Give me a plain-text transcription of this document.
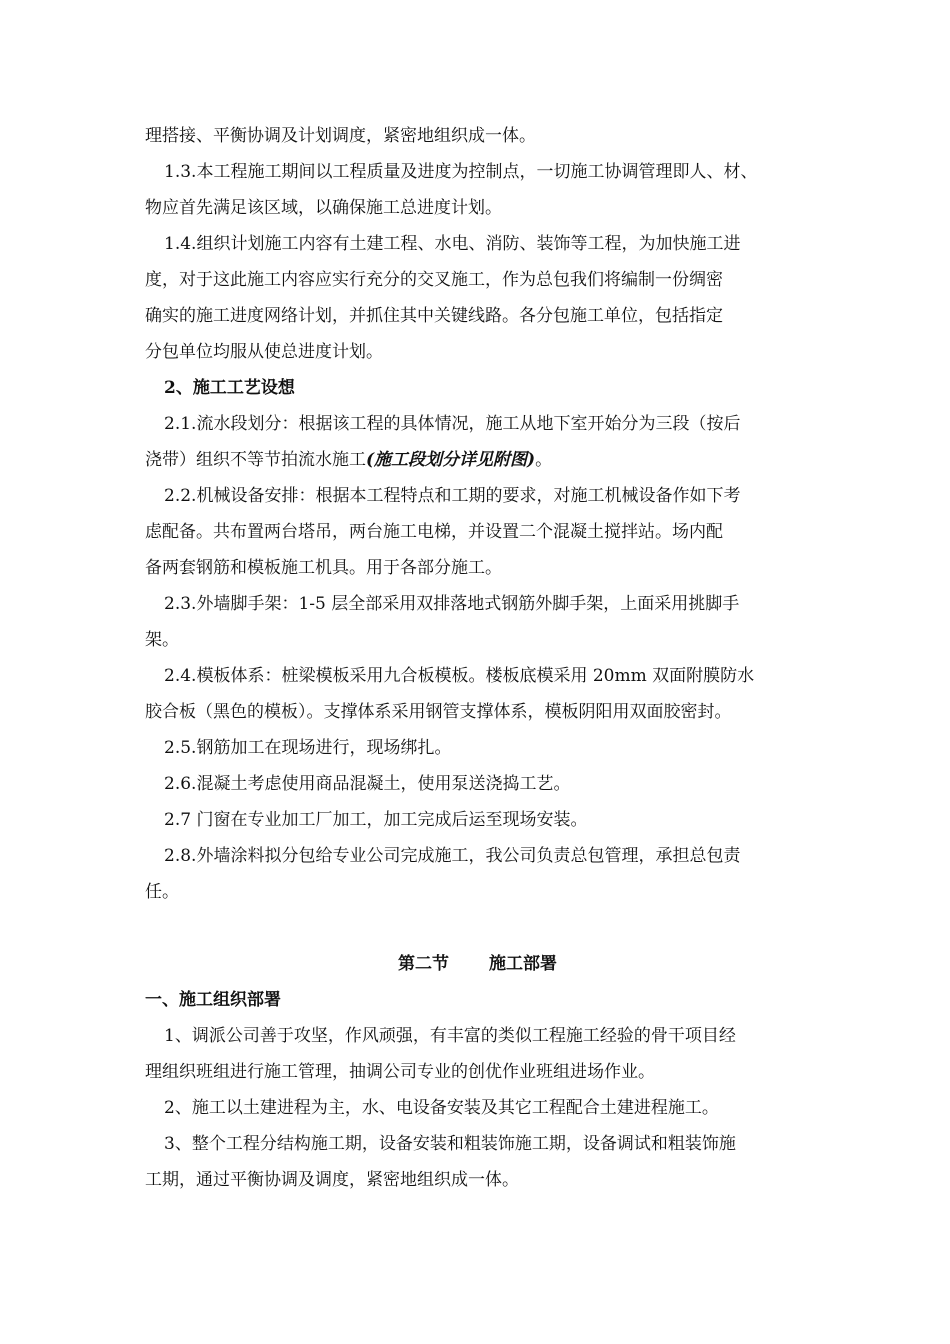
理搭接、平衡协调及计划调度，紧密地组织成一体。

1.3.本工程施工期间以工程质量及进度为控制点，一切施工协调管理即人、材、

物应首先满足该区域，以确保施工总进度计划。

1.4.组织计划施工内容有土建工程、水电、消防、装饰等工程，为加快施工进

度，对于这此施工内容应实行充分的交叉施工，作为总包我们将编制一份绸密

确实的施工进度网络计划，并抓住其中关键线路。各分包施工单位，包括指定

分包单位均服从使总进度计划。

2、施工工艺设想

2.1.流水段划分：根据该工程的具体情况，施工从地下室开始分为三段（按后

浇带）组织不等节拍流水施工(施工段划分详见附图)。

2.2.机械设备安排：根据本工程特点和工期的要求，对施工机械设备作如下考

虑配备。共布置两台塔吊，两台施工电梯，并设置二个混凝土搅拌站。场内配

备两套钢筋和模板施工机具。用于各部分施工。

2.3.外墙脚手架：1-5 层全部采用双排落地式钢筋外脚手架，上面采用挑脚手

架。

2.4.模板体系：桩梁模板采用九合板模板。楼板底模采用 20mm 双面附膜防水

胶合板（黑色的模板）。支撑体系采用钢管支撑体系，模板阴阳用双面胶密封。

2.5.钢筋加工在现场进行，现场绑扎。

2.6.混凝土考虑使用商品混凝土，使用泵送浇捣工艺。

2.7 门窗在专业加工厂加工，加工完成后运至现场安装。

2.8.外墙涂料拟分包给专业公司完成施工，我公司负责总包管理，承担总包责

任。

第二节 施工部署

一、施工组织部署

1、调派公司善于攻坚，作风顽强，有丰富的类似工程施工经验的骨干项目经

理组织班组进行施工管理，抽调公司专业的创优作业班组进场作业。

2、施工以土建进程为主，水、电设备安装及其它工程配合土建进程施工。

3、整个工程分结构施工期，设备安装和粗装饰施工期，设备调试和粗装饰施

工期，通过平衡协调及调度，紧密地组织成一体。
